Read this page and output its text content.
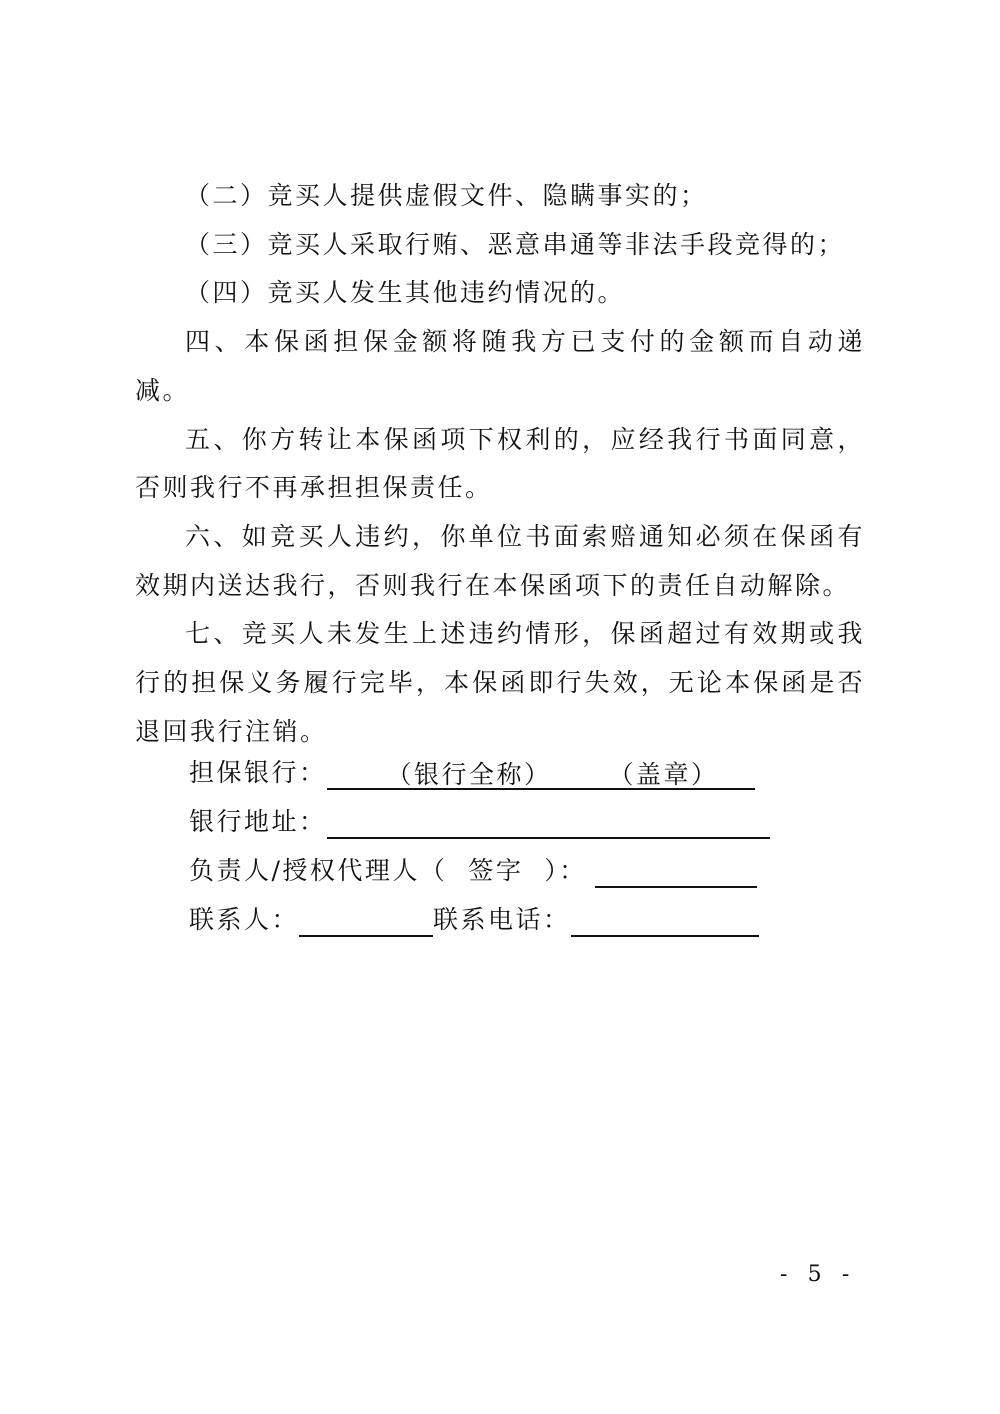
（二）竞买人提供虚假文件、隐瞒事实的；

（三）竞买人采取行贿、恶意串通等非法手段竞得的；

（四）竞买人发生其他违约情况的。

四、本保函担保金额将随我方已支付的金额而自动递减。

五、你方转让本保函项下权利的，应经我行书面同意，否则我行不再承担担保责任。

六、如竞买人违约，你单位书面索赔通知必须在保函有效期内送达我行，否则我行在本保函项下的责任自动解除。

七、竞买人未发生上述违约情形，保函超过有效期或我行的担保义务履行完毕，本保函即行失效，无论本保函是否退回我行注销。

担保银行： （银行全称） （盖章）
银行地址：
负责人/授权代理人（  签字  ）：
联系人：	联系电话：
- 5 -
